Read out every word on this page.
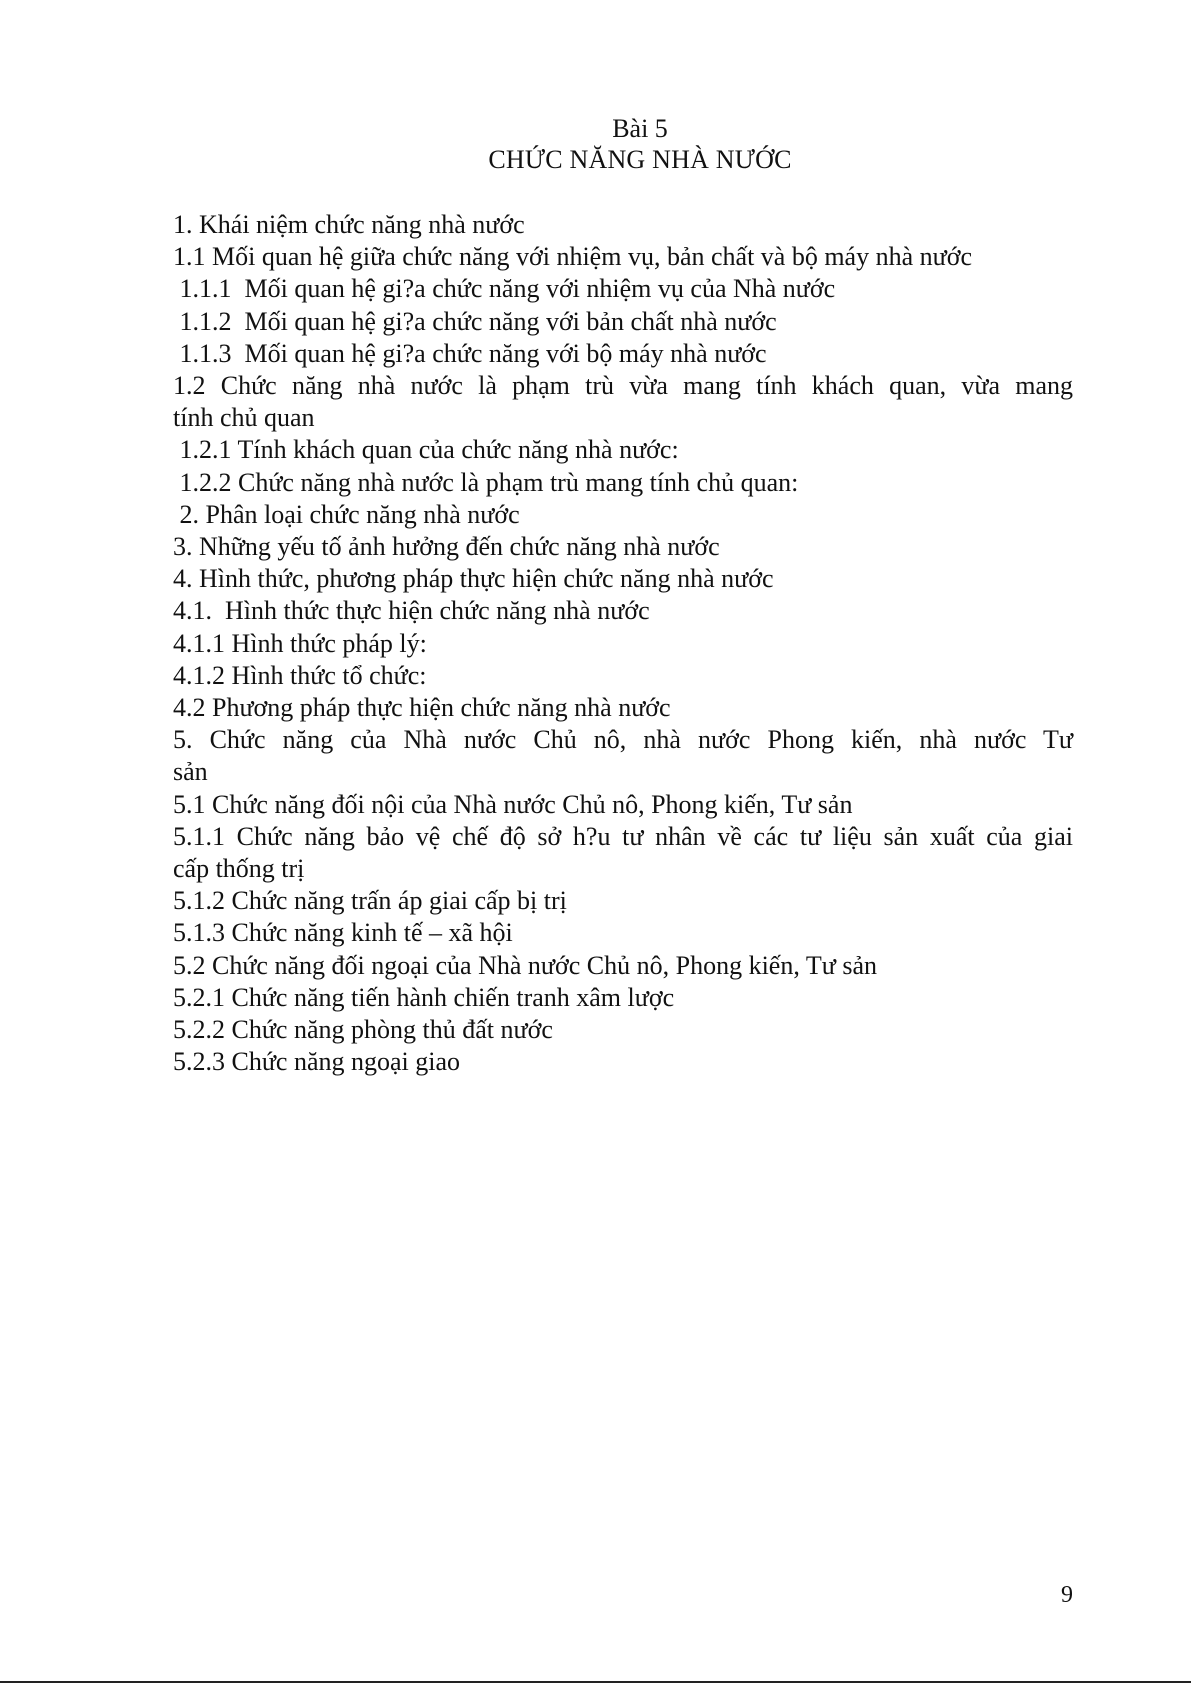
Bài 5
CHỨC NĂNG NHÀ NƯỚC

1. Khái niệm chức năng nhà nước

1.1 Mối quan hệ giữa chức năng với nhiệm vụ, bản chất và bộ máy nhà nước

1.1.1  Mối quan hệ gi?a chức năng với nhiệm vụ của Nhà nước

1.1.2  Mối quan hệ gi?a chức năng với bản chất nhà nước

1.1.3  Mối quan hệ gi?a chức năng với bộ máy nhà nước

1.2 Chức năng nhà nước là phạm trù vừa mang tính khách quan, vừa mang

tính chủ quan

1.2.1 Tính khách quan của chức năng nhà nước:

1.2.2 Chức năng nhà nước là phạm trù mang tính chủ quan:

2. Phân loại chức năng nhà nước

3. Những yếu tố ảnh hưởng đến chức năng nhà nước

4. Hình thức, phương pháp thực hiện chức năng nhà nước

4.1.  Hình thức thực hiện chức năng nhà nước

4.1.1 Hình thức pháp lý:

4.1.2 Hình thức tổ chức:

4.2 Phương pháp thực hiện chức năng nhà nước

5. Chức năng của Nhà nước Chủ nô, nhà nước Phong kiến, nhà nước Tư

sản

5.1 Chức năng đối nội của Nhà nước Chủ nô, Phong kiến, Tư sản

5.1.1 Chức năng bảo vệ chế độ sở h?u tư nhân về các tư liệu sản xuất của giai

cấp thống trị

5.1.2 Chức năng trấn áp giai cấp bị trị

5.1.3 Chức năng kinh tế – xã hội

5.2 Chức năng đối ngoại của Nhà nước Chủ nô, Phong kiến, Tư sản

5.2.1 Chức năng tiến hành chiến tranh xâm lược

5.2.2 Chức năng phòng thủ đất nước

5.2.3 Chức năng ngoại giao

9
